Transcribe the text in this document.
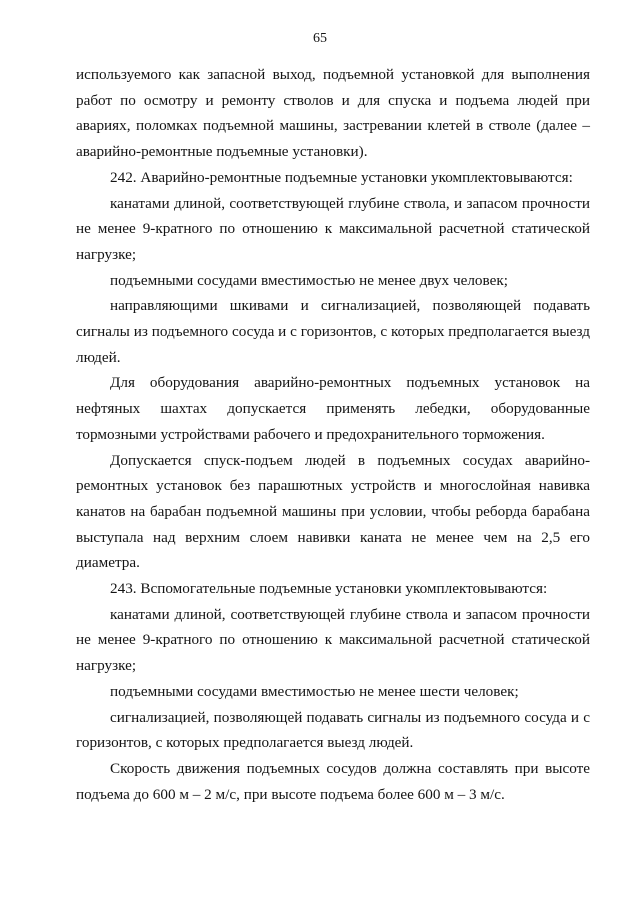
65

используемого как запасной выход, подъемной установкой для выполнения работ по осмотру и ремонту стволов и для спуска и подъема людей при авариях, поломках подъемной машины, застревании клетей в стволе (далее – аварийно-ремонтные подъемные установки).

242. Аварийно-ремонтные подъемные установки укомплектовываются:

канатами длиной, соответствующей глубине ствола, и запасом прочности не менее 9-кратного по отношению к максимальной расчетной статической нагрузке;

подъемными сосудами вместимостью не менее двух человек;

направляющими шкивами и сигнализацией, позволяющей подавать сигналы из подъемного сосуда и с горизонтов, с которых предполагается выезд людей.

Для оборудования аварийно-ремонтных подъемных установок на нефтяных шахтах допускается применять лебедки, оборудованные тормозными устройствами рабочего и предохранительного торможения.

Допускается спуск-подъем людей в подъемных сосудах аварийно-ремонтных установок без парашютных устройств и многослойная навивка канатов на барабан подъемной машины при условии, чтобы реборда барабана выступала над верхним слоем навивки каната не менее чем на 2,5 его диаметра.

243. Вспомогательные подъемные установки укомплектовываются:

канатами длиной, соответствующей глубине ствола и запасом прочности не менее 9-кратного по отношению к максимальной расчетной статической нагрузке;

подъемными сосудами вместимостью не менее шести человек;

сигнализацией, позволяющей подавать сигналы из подъемного сосуда и с горизонтов, с которых предполагается выезд людей.

Скорость движения подъемных сосудов должна составлять при высоте подъема до 600 м – 2 м/с, при высоте подъема более 600 м – 3 м/с.
